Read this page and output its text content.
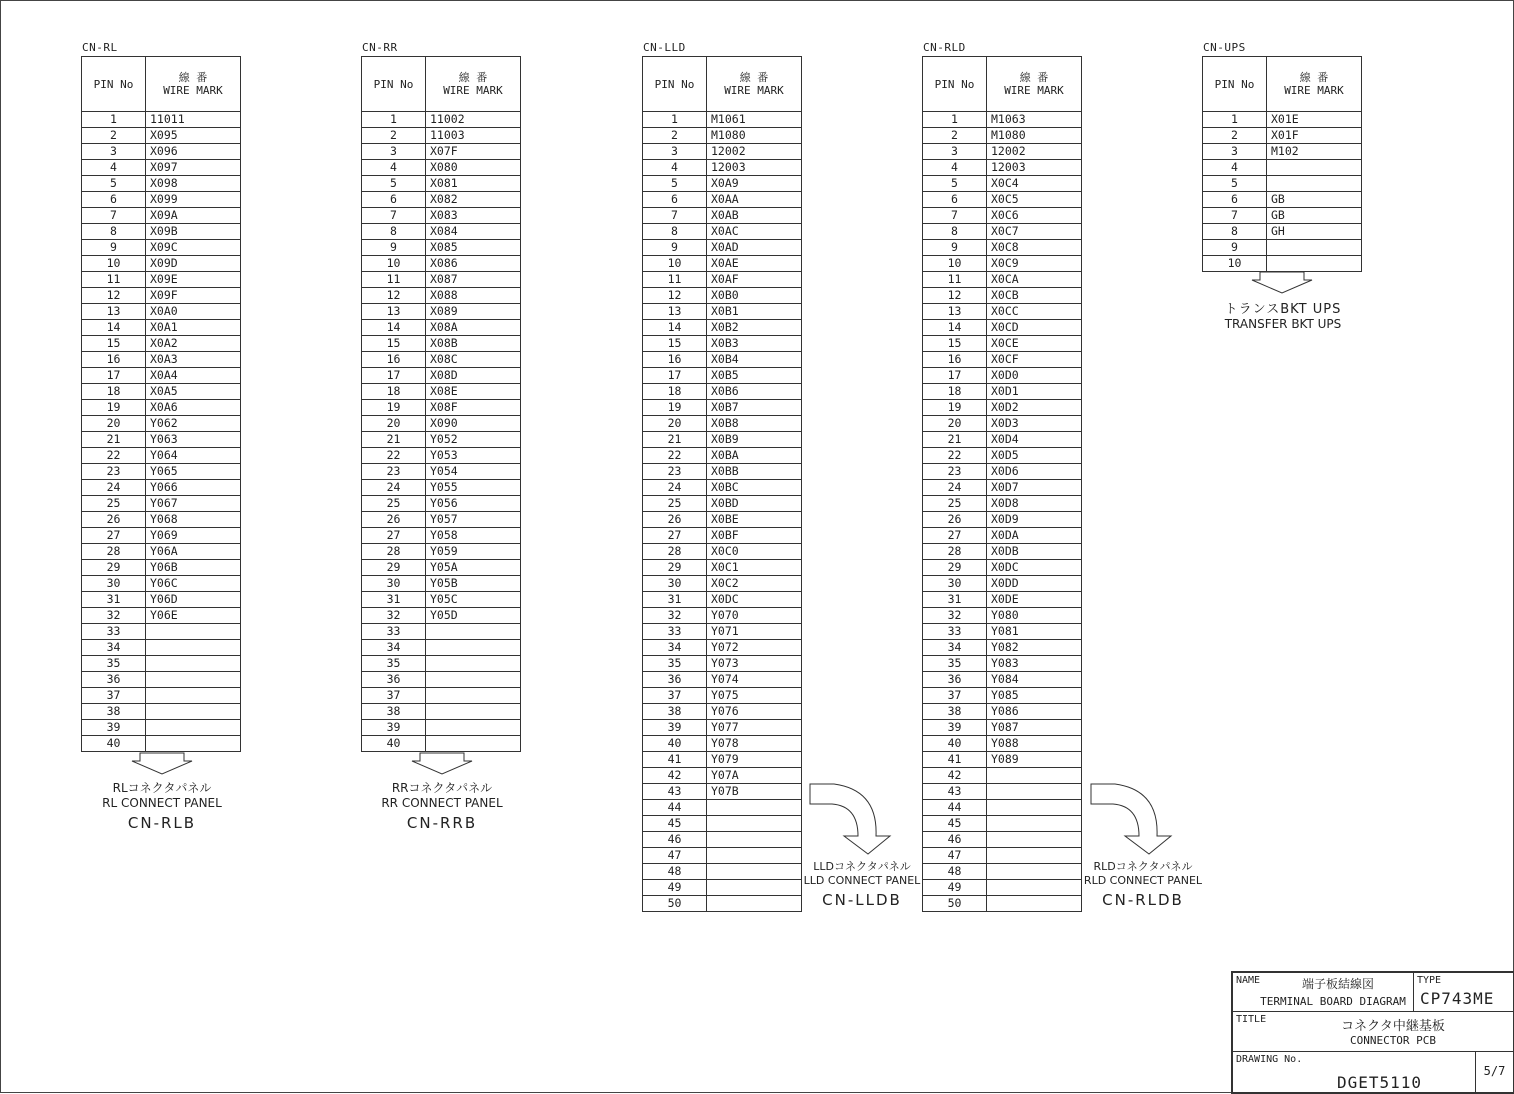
CN-RL
PIN No	線 番
WIRE MARK

1	11011
2	X095
3	X096
4	X097
5	X098
6	X099
7	X09A
8	X09B
9	X09C
10	X09D
11	X09E
12	X09F
13	X0A0
14	X0A1
15	X0A2
16	X0A3
17	X0A4
18	X0A5
19	X0A6
20	Y062
21	Y063
22	Y064
23	Y065
24	Y066
25	Y067
26	Y068
27	Y069
28	Y06A
29	Y06B
30	Y06C
31	Y06D
32	Y06E
33	
34	
35	
36	
37	
38	
39	
40	
CN-RR
PIN No	線 番
WIRE MARK

1	11002
2	11003
3	X07F
4	X080
5	X081
6	X082
7	X083
8	X084
9	X085
10	X086
11	X087
12	X088
13	X089
14	X08A
15	X08B
16	X08C
17	X08D
18	X08E
19	X08F
20	X090
21	Y052
22	Y053
23	Y054
24	Y055
25	Y056
26	Y057
27	Y058
28	Y059
29	Y05A
30	Y05B
31	Y05C
32	Y05D
33	
34	
35	
36	
37	
38	
39	
40	
CN-LLD
PIN No	線 番
WIRE MARK

1	M1061
2	M1080
3	12002
4	12003
5	X0A9
6	X0AA
7	X0AB
8	X0AC
9	X0AD
10	X0AE
11	X0AF
12	X0B0
13	X0B1
14	X0B2
15	X0B3
16	X0B4
17	X0B5
18	X0B6
19	X0B7
20	X0B8
21	X0B9
22	X0BA
23	X0BB
24	X0BC
25	X0BD
26	X0BE
27	X0BF
28	X0C0
29	X0C1
30	X0C2
31	X0DC
32	Y070
33	Y071
34	Y072
35	Y073
36	Y074
37	Y075
38	Y076
39	Y077
40	Y078
41	Y079
42	Y07A
43	Y07B
44	
45	
46	
47	
48	
49	
50	
CN-RLD
PIN No	線 番
WIRE MARK

1	M1063
2	M1080
3	12002
4	12003
5	X0C4
6	X0C5
7	X0C6
8	X0C7
9	X0C8
10	X0C9
11	X0CA
12	X0CB
13	X0CC
14	X0CD
15	X0CE
16	X0CF
17	X0D0
18	X0D1
19	X0D2
20	X0D3
21	X0D4
22	X0D5
23	X0D6
24	X0D7
25	X0D8
26	X0D9
27	X0DA
28	X0DB
29	X0DC
30	X0DD
31	X0DE
32	Y080
33	Y081
34	Y082
35	Y083
36	Y084
37	Y085
38	Y086
39	Y087
40	Y088
41	Y089
42	
43	
44	
45	
46	
47	
48	
49	
50	
CN-UPS
PIN No	線 番
WIRE MARK

1	X01E
2	X01F
3	M102
4	
5	
6	GB
7	GB
8	GH
9	
10	
RLコネクタパネル
RL CONNECT PANEL
CN-RLB
RRコネクタパネル
RR CONNECT PANEL
CN-RRB
LLDコネクタパネル
LLD CONNECT PANEL
CN-LLDB
RLDコネクタパネル
RLD CONNECT PANEL
CN-RLDB
トランスBKT UPS
TRANSFER BKT UPS
NAME	端子板結線図
TERMINAL BOARD DIAGRAM
TYPE
CP743ME
TITLE	コネクタ中継基板
CONNECTOR PCB
DRAWING No.
DGET5110
5/7
